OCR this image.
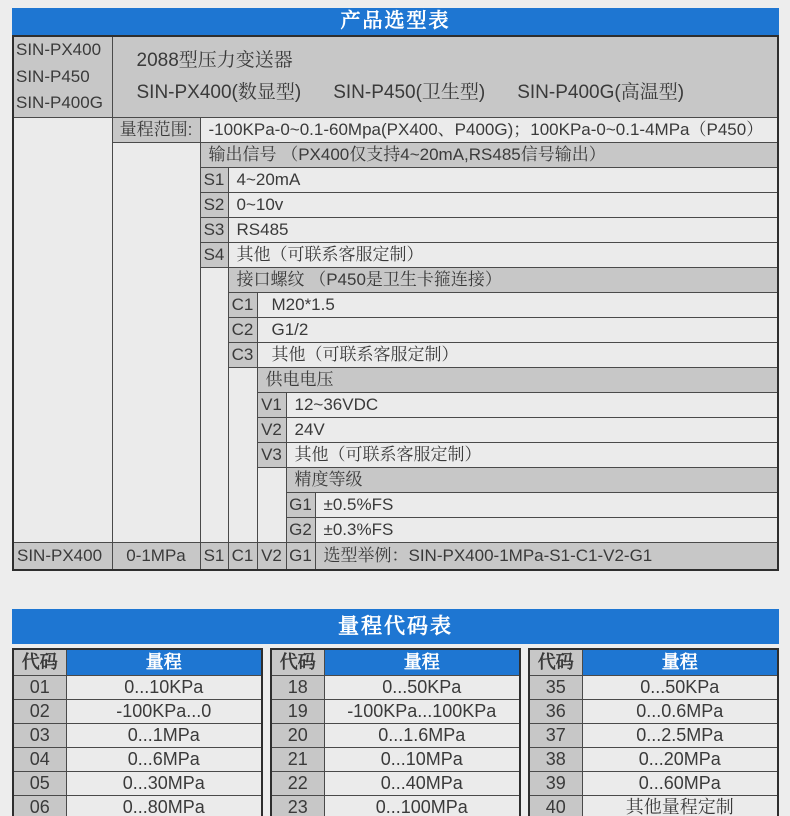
产品选型表
SIN-PX400
SIN-P450
SIN-P400G

2088型压力变送器
SIN-PX400(数显型) SIN-P450(卫生型) SIN-P400G(高温型)

	量程范围:	-100KPa-0~0.1-60Mpa(PX400、P400G)；100KPa-0~0.1-4MPa（P450）				
		输出信号 （PX400仅支持4~20mA,RS485信号输出）				
		S1	4~20mA			
		S2	0~10v			
		S3	RS485			
		S4	其他（可联系客服定制）			
			接口螺纹 （P450是卫生卡箍连接）			
			C1	M20*1.5		
			C2	G1/2		
			C3	其他（可联系客服定制）		
				供电电压		
				V1	12~36VDC	
				V2	24V	
				V3	其他（可联系客服定制）	
					精度等级	
					G1	±0.5%FS
					G2	±0.3%FS
SIN-PX400	0-1MPa	S1	C1	V2	G1	选型举例：SIN-PX400-1MPa-S1-C1-V2-G1
量程代码表
代码	量程
01	0...10KPa
02	-100KPa...0
03	0...1MPa
04	0...6MPa
05	0...30MPa
06	0...80MPa
代码	量程
18	0...50KPa
19	-100KPa...100KPa
20	0...1.6MPa
21	0...10MPa
22	0...40MPa
23	0...100MPa
代码	量程
35	0...50KPa
36	0...0.6MPa
37	0...2.5MPa
38	0...20MPa
39	0...60MPa
40	其他量程定制
